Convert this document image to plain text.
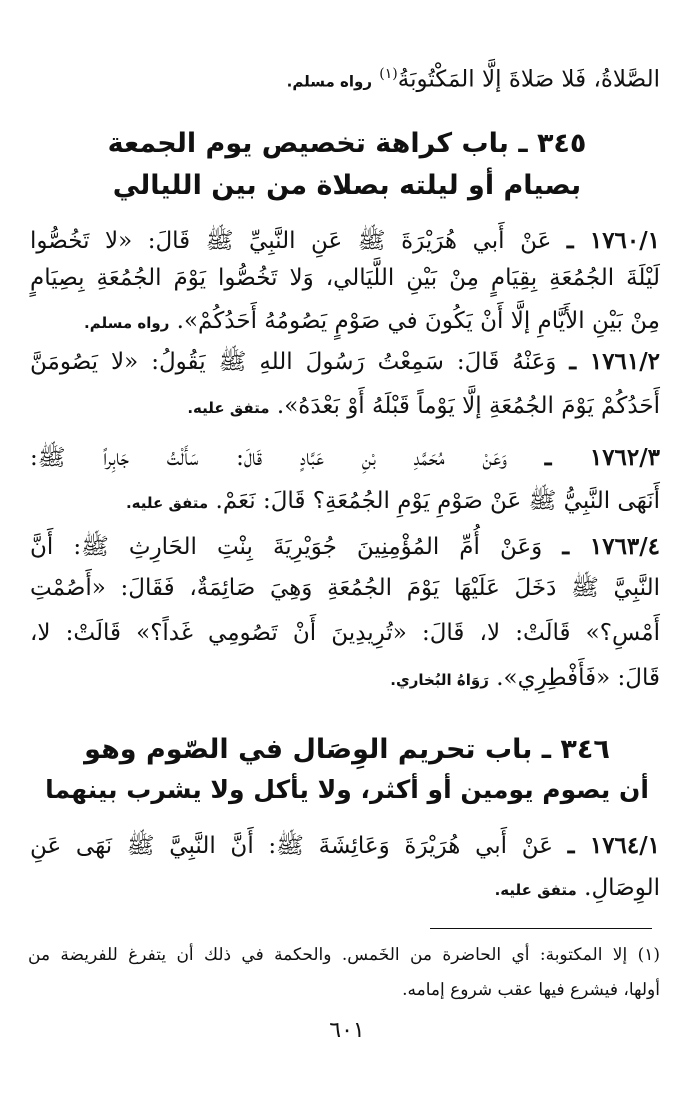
الصَّلاةُ، فَلا صَلاةَ إلَّا المَكْتُوبَةُ$^{(١)}$ رواه مسلم.
٣٤٥ ـ باب كراهة تخصيص يوم الجمعة
بصيام أو ليلته بصلاة من بين الليالي
١٧٦٠/١ ـ عَنْ أَبي هُرَيْرَةَ ﷺ عَنِ النَّبِيِّ ﷺ قَالَ: «لا تَخُصُّوا
لَيْلَةَ الجُمُعَةِ بِقِيَامٍ مِنْ بَيْنِ اللَّيَالي، وَلا تَخُصُّوا يَوْمَ الجُمُعَةِ بِصِيَامٍ
مِنْ بَيْنِ الأَيَّامِ إلَّا أَنْ يَكُونَ في صَوْمٍ يَصُومُهُ أَحَدُكُمْ». رواه مسلم.
١٧٦١/٢ ـ وَعَنْهُ قَالَ: سَمِعْتُ رَسُولَ اللهِ ﷺ يَقُولُ: «لا يَصُومَنَّ
أَحَدُكُمْ يَوْمَ الجُمُعَةِ إلَّا يَوْماً قَبْلَهُ أَوْ بَعْدَهُ». متفق عليه.
١٧٦٢/٣ ـ وَعَنْ مُحَمَّدِ بْنِ عَبَّادٍ قَالَ: سَأَلْتُ جَابِراً ﷺ:
أَنَهَى النَّبِيُّ ﷺ عَنْ صَوْمِ يَوْمِ الجُمُعَةِ؟ قَالَ: نَعَمْ. متفق عليه.
١٧٦٣/٤ ـ وَعَنْ أُمِّ المُؤْمِنِينَ جُوَيْرِيَةَ بِنْتِ الحَارِثِ ﷺ: أَنَّ
النَّبِيَّ ﷺ دَخَلَ عَلَيْهَا يَوْمَ الجُمُعَةِ وَهِيَ صَائِمَةٌ، فَقَالَ: «أَصُمْتِ
أَمْسِ؟» قَالَتْ: لا، قَالَ: «تُرِيدِينَ أَنْ تَصُومِي غَداً؟» قَالَتْ: لا،
قَالَ: «فَأَفْطِرِي». رَوَاهُ البُخاري.
٣٤٦ ـ باب تحريم الوِصَال في الصّوم وهو
أن يصوم يومين أو أكثر، ولا يأكل ولا يشرب بينهما
١٧٦٤/١ ـ عَنْ أَبي هُرَيْرَةَ وَعَائِشَةَ ﷺ: أَنَّ النَّبِيَّ ﷺ نَهَى عَنِ
الوِصَالِ. متفق عليه.
(١) إلا المكتوبة: أي الحاضرة من الخَمس. والحكمة في ذلك أن يتفرغ للفريضة من
أولها، فيشرع فيها عقب شروع إمامه.
٦٠١
